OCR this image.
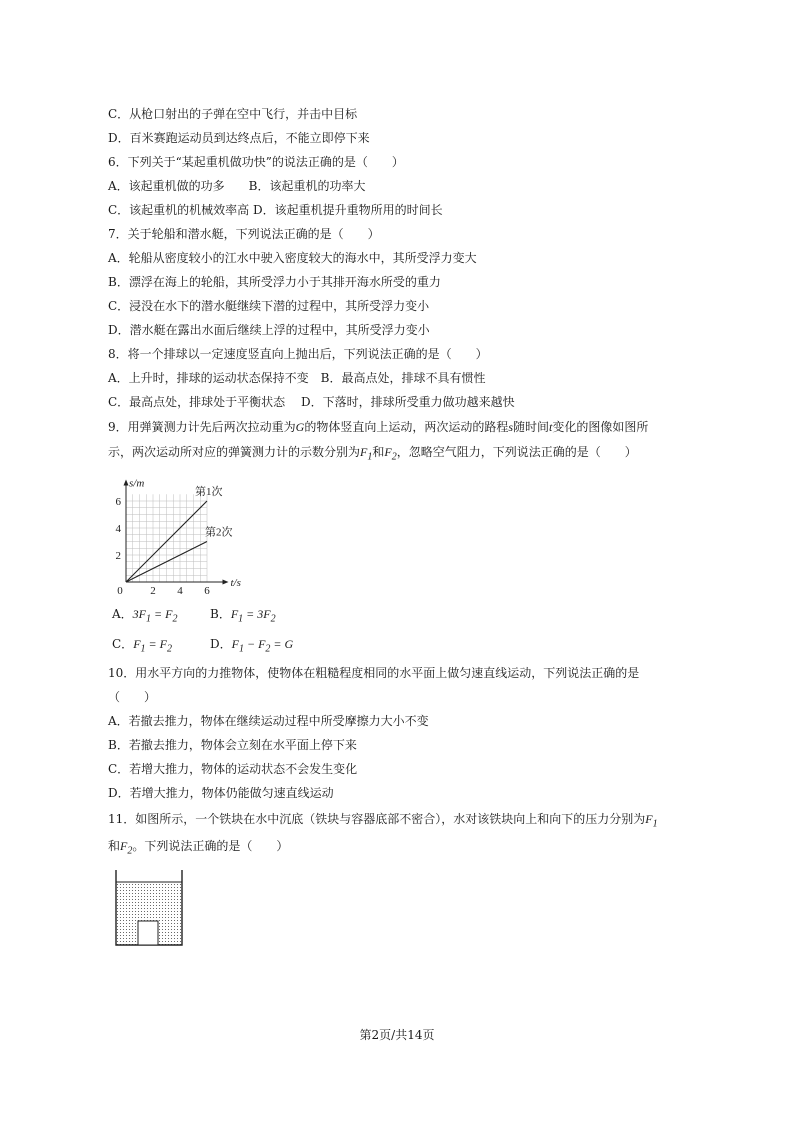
C．从枪口射出的子弹在空中飞行，并击中目标
D．百米赛跑运动员到达终点后，不能立即停下来
6．下列关于“某起重机做功快”的说法正确的是（　　）
A．该起重机做的功多　　B．该起重机的功率大
C．该起重机的机械效率高 D．该起重机提升重物所用的时间长
7．关于轮船和潜水艇，下列说法正确的是（　　）
A．轮船从密度较小的江水中驶入密度较大的海水中，其所受浮力变大
B．漂浮在海上的轮船，其所受浮力小于其排开海水所受的重力
C．浸没在水下的潜水艇继续下潜的过程中，其所受浮力变小
D．潜水艇在露出水面后继续上浮的过程中，其所受浮力变小
8．将一个排球以一定速度竖直向上抛出后，下列说法正确的是（　　）
A．上升时，排球的运动状态保持不变　B．最高点处，排球不具有惯性
C．最高点处，排球处于平衡状态　 D．下落时，排球所受重力做功越来越快
9．用弹簧测力计先后两次拉动重为G的物体竖直向上运动，两次运动的路程s随时间t变化的图像如图所
示，两次运动所对应的弹簧测力计的示数分别为$F_1$和$F_2$，忽略空气阻力，下列说法正确的是（　　）
0	2 4 6
2
4
6
t/s
s/m
第1次
第2次
A．$3F_1 = F_2$	B．$F_1 = 3F_2$
C．$F_1 = F_2$	D．$F_1 - F_2 = G$
10．用水平方向的力推物体，使物体在粗糙程度相同的水平面上做匀速直线运动，下列说法正确的是
（　　）
A．若撤去推力，物体在继续运动过程中所受摩擦力大小不变
B．若撤去推力，物体会立刻在水平面上停下来
C．若增大推力，物体的运动状态不会发生变化
D．若增大推力，物体仍能做匀速直线运动
11．如图所示，一个铁块在水中沉底（铁块与容器底部不密合），水对该铁块向上和向下的压力分别为$F_1$
和$F_2$。下列说法正确的是（　　）
第2页/共14页
